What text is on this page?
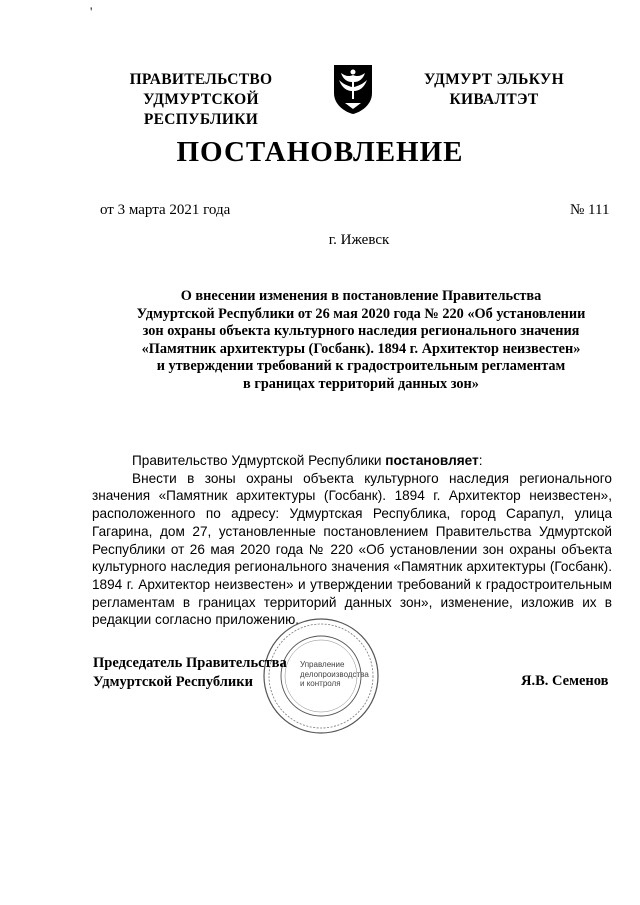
'
ПРАВИТЕЛЬСТВО
УДМУРТСКОЙ РЕСПУБЛИКИ
УДМУРТ ЭЛЬКУН
КИВАЛТЭТ
ПОСТАНОВЛЕНИЕ
от 3 марта 2021 года	№ 111
г. Ижевск
О внесении изменения в постановление Правительства
Удмуртской Республики от 26 мая 2020 года № 220 «Об установлении
зон охраны объекта культурного наследия регионального значения
«Памятник архитектуры (Госбанк). 1894 г. Архитектор неизвестен»
и утверждении требований к градостроительным регламентам
в границах территорий данных зон»

Правительство Удмуртской Республики постановляет:

Внести в зоны охраны объекта культурного наследия регионального значения «Памятник архитектуры (Госбанк). 1894 г. Архитектор неизвестен», расположенного по адресу: Удмуртская Республика, город Сарапул, улица Гагарина, дом 27, установленные постановлением Правительства Удмуртской Республики от 26 мая 2020 года № 220 «Об установлении зон охраны объекта культурного наследия регионального значения «Памятник архитектуры (Госбанк). 1894 г. Архитектор неизвестен» и утверждении требований к градостроительным регламентам в границах территорий данных зон», изменение, изложив их в редакции согласно приложению.

Управление
делопроизводства
и контроля
Председатель Правительства
Удмуртской Республики	Я.В. Семенов
